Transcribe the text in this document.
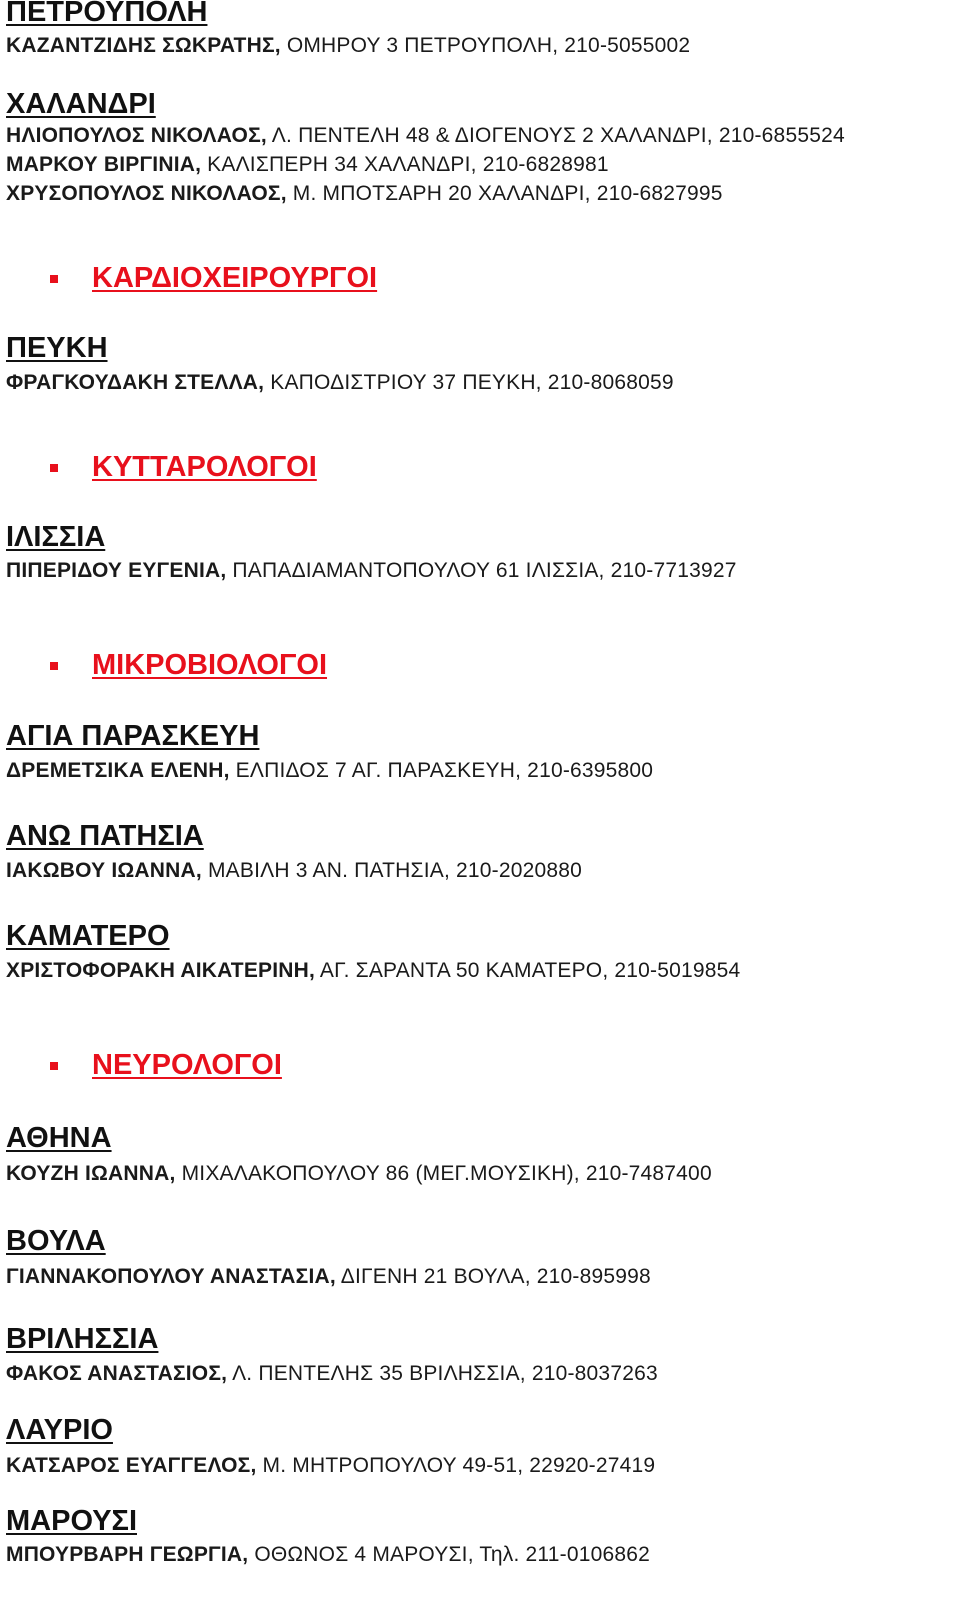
ΠΕΤΡΟΥΠΟΛΗ
ΚΑΖΑΝΤΖΙΔΗΣ ΣΩΚΡΑΤΗΣ, ΟΜΗΡΟΥ 3 ΠΕΤΡΟΥΠΟΛΗ, 210-5055002
ΧΑΛΑΝΔΡΙ
ΗΛΙΟΠΟΥΛΟΣ ΝΙΚΟΛΑΟΣ, Λ. ΠΕΝΤΕΛΗ 48 & ΔΙΟΓΕΝΟΥΣ 2 ΧΑΛΑΝΔΡΙ, 210-6855524
ΜΑΡΚΟΥ ΒΙΡΓΙΝΙΑ, ΚΑΛΙΣΠΕΡΗ 34 ΧΑΛΑΝΔΡΙ, 210-6828981
ΧΡΥΣΟΠΟΥΛΟΣ ΝΙΚΟΛΑΟΣ, Μ. ΜΠΟΤΣΑΡΗ 20 ΧΑΛΑΝΔΡΙ, 210-6827995
ΚΑΡΔΙΟΧΕΙΡΟΥΡΓΟΙ
ΠΕΥΚΗ
ΦΡΑΓΚΟΥΔΑΚΗ ΣΤΕΛΛΑ, ΚΑΠΟΔΙΣΤΡΙΟΥ 37 ΠΕΥΚΗ, 210-8068059
ΚΥΤΤΑΡΟΛΟΓΟΙ
ΙΛΙΣΣΙΑ
ΠΙΠΕΡΙΔΟΥ ΕΥΓΕΝΙΑ, ΠΑΠΑΔΙΑΜΑΝΤΟΠΟΥΛΟΥ 61 ΙΛΙΣΣΙΑ, 210-7713927
ΜΙΚΡΟΒΙΟΛΟΓΟΙ
ΑΓΙΑ ΠΑΡΑΣΚΕΥΗ
ΔΡΕΜΕΤΣΙΚΑ ΕΛΕΝΗ, ΕΛΠΙΔΟΣ 7 ΑΓ. ΠΑΡΑΣΚΕΥΗ, 210-6395800
ΑΝΩ ΠΑΤΗΣΙΑ
ΙΑΚΩΒΟΥ ΙΩΑΝΝΑ, ΜΑΒΙΛΗ 3 ΑΝ. ΠΑΤΗΣΙΑ, 210-2020880
ΚΑΜΑΤΕΡΟ
ΧΡΙΣΤΟΦΟΡΑΚΗ ΑΙΚΑΤΕΡΙΝΗ, ΑΓ. ΣΑΡΑΝΤΑ 50 ΚΑΜΑΤΕΡΟ, 210-5019854
ΝΕΥΡΟΛΟΓΟΙ
ΑΘΗΝΑ
ΚΟΥΖΗ ΙΩΑΝΝΑ, ΜΙΧΑΛΑΚΟΠΟΥΛΟΥ 86 (ΜΕΓ.ΜΟΥΣΙΚΗ), 210-7487400
ΒΟΥΛΑ
ΓΙΑΝΝΑΚΟΠΟΥΛΟΥ ΑΝΑΣΤΑΣΙΑ, ΔΙΓΕΝΗ 21 ΒΟΥΛΑ, 210-895998
ΒΡΙΛΗΣΣΙΑ
ΦΑΚΟΣ ΑΝΑΣΤΑΣΙΟΣ, Λ. ΠΕΝΤΕΛΗΣ 35 ΒΡΙΛΗΣΣΙΑ, 210-8037263
ΛΑΥΡΙΟ
ΚΑΤΣΑΡΟΣ ΕΥΑΓΓΕΛΟΣ, Μ. ΜΗΤΡΟΠΟΥΛΟΥ 49-51, 22920-27419
ΜΑΡΟΥΣΙ
ΜΠΟΥΡΒΑΡΗ ΓΕΩΡΓΙΑ, ΟΘΩΝΟΣ 4 ΜΑΡΟΥΣΙ, Τηλ. 211-0106862
